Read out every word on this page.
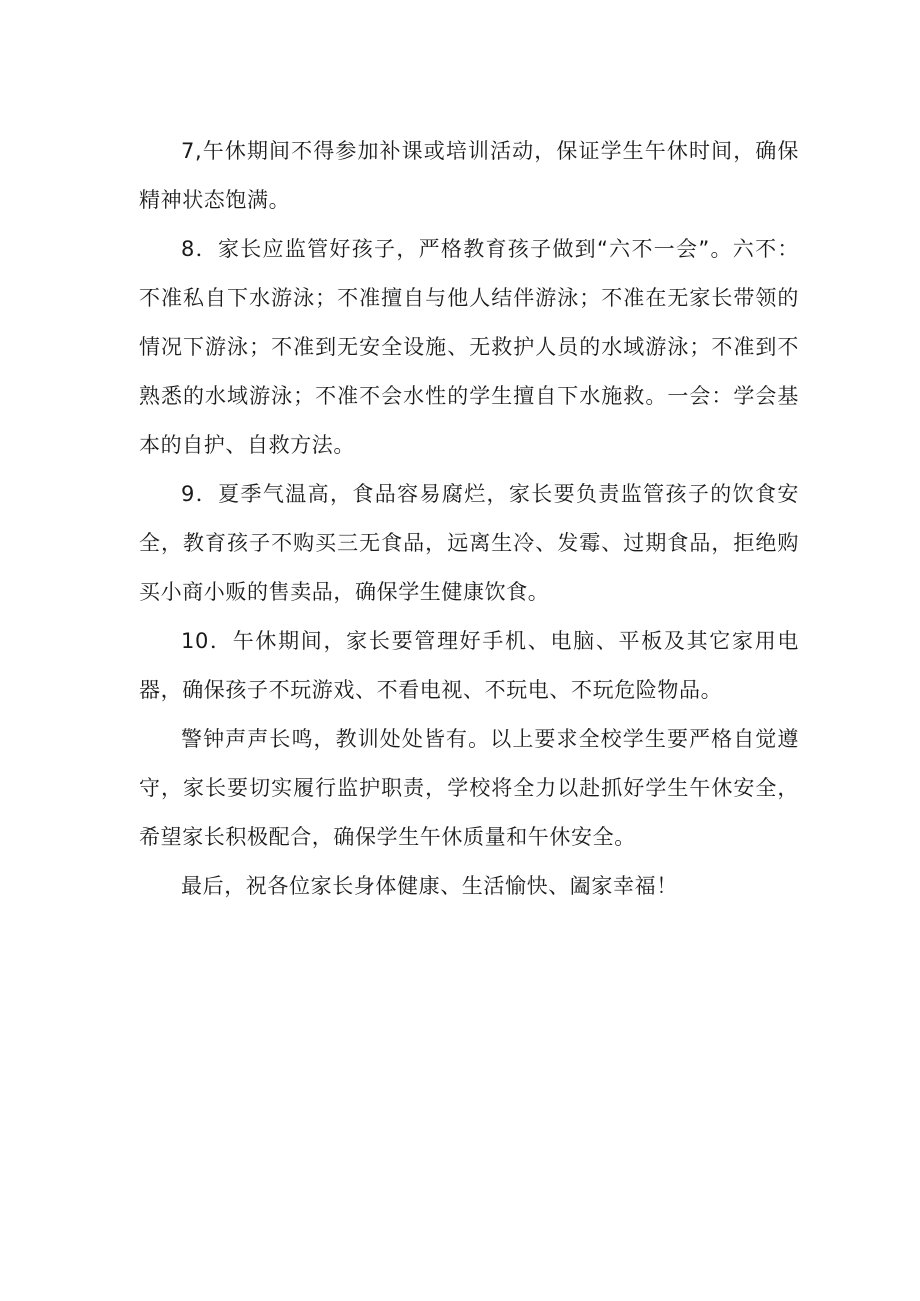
7,午休期间不得参加补课或培训活动，保证学生午休时间，确保精神状态饱满。

8．家长应监管好孩子，严格教育孩子做到“六不一会”。六不：不准私自下水游泳；不准擅自与他人结伴游泳；不准在无家长带领的情况下游泳；不准到无安全设施、无救护人员的水域游泳；不准到不熟悉的水域游泳；不准不会水性的学生擅自下水施救。一会：学会基本的自护、自救方法。

9．夏季气温高，食品容易腐烂，家长要负责监管孩子的饮食安全，教育孩子不购买三无食品，远离生冷、发霉、过期食品，拒绝购买小商小贩的售卖品，确保学生健康饮食。

10．午休期间，家长要管理好手机、电脑、平板及其它家用电器，确保孩子不玩游戏、不看电视、不玩电、不玩危险物品。

警钟声声长鸣，教训处处皆有。以上要求全校学生要严格自觉遵守，家长要切实履行监护职责，学校将全力以赴抓好学生午休安全，希望家长积极配合，确保学生午休质量和午休安全。

最后，祝各位家长身体健康、生活愉快、阖家幸福！
